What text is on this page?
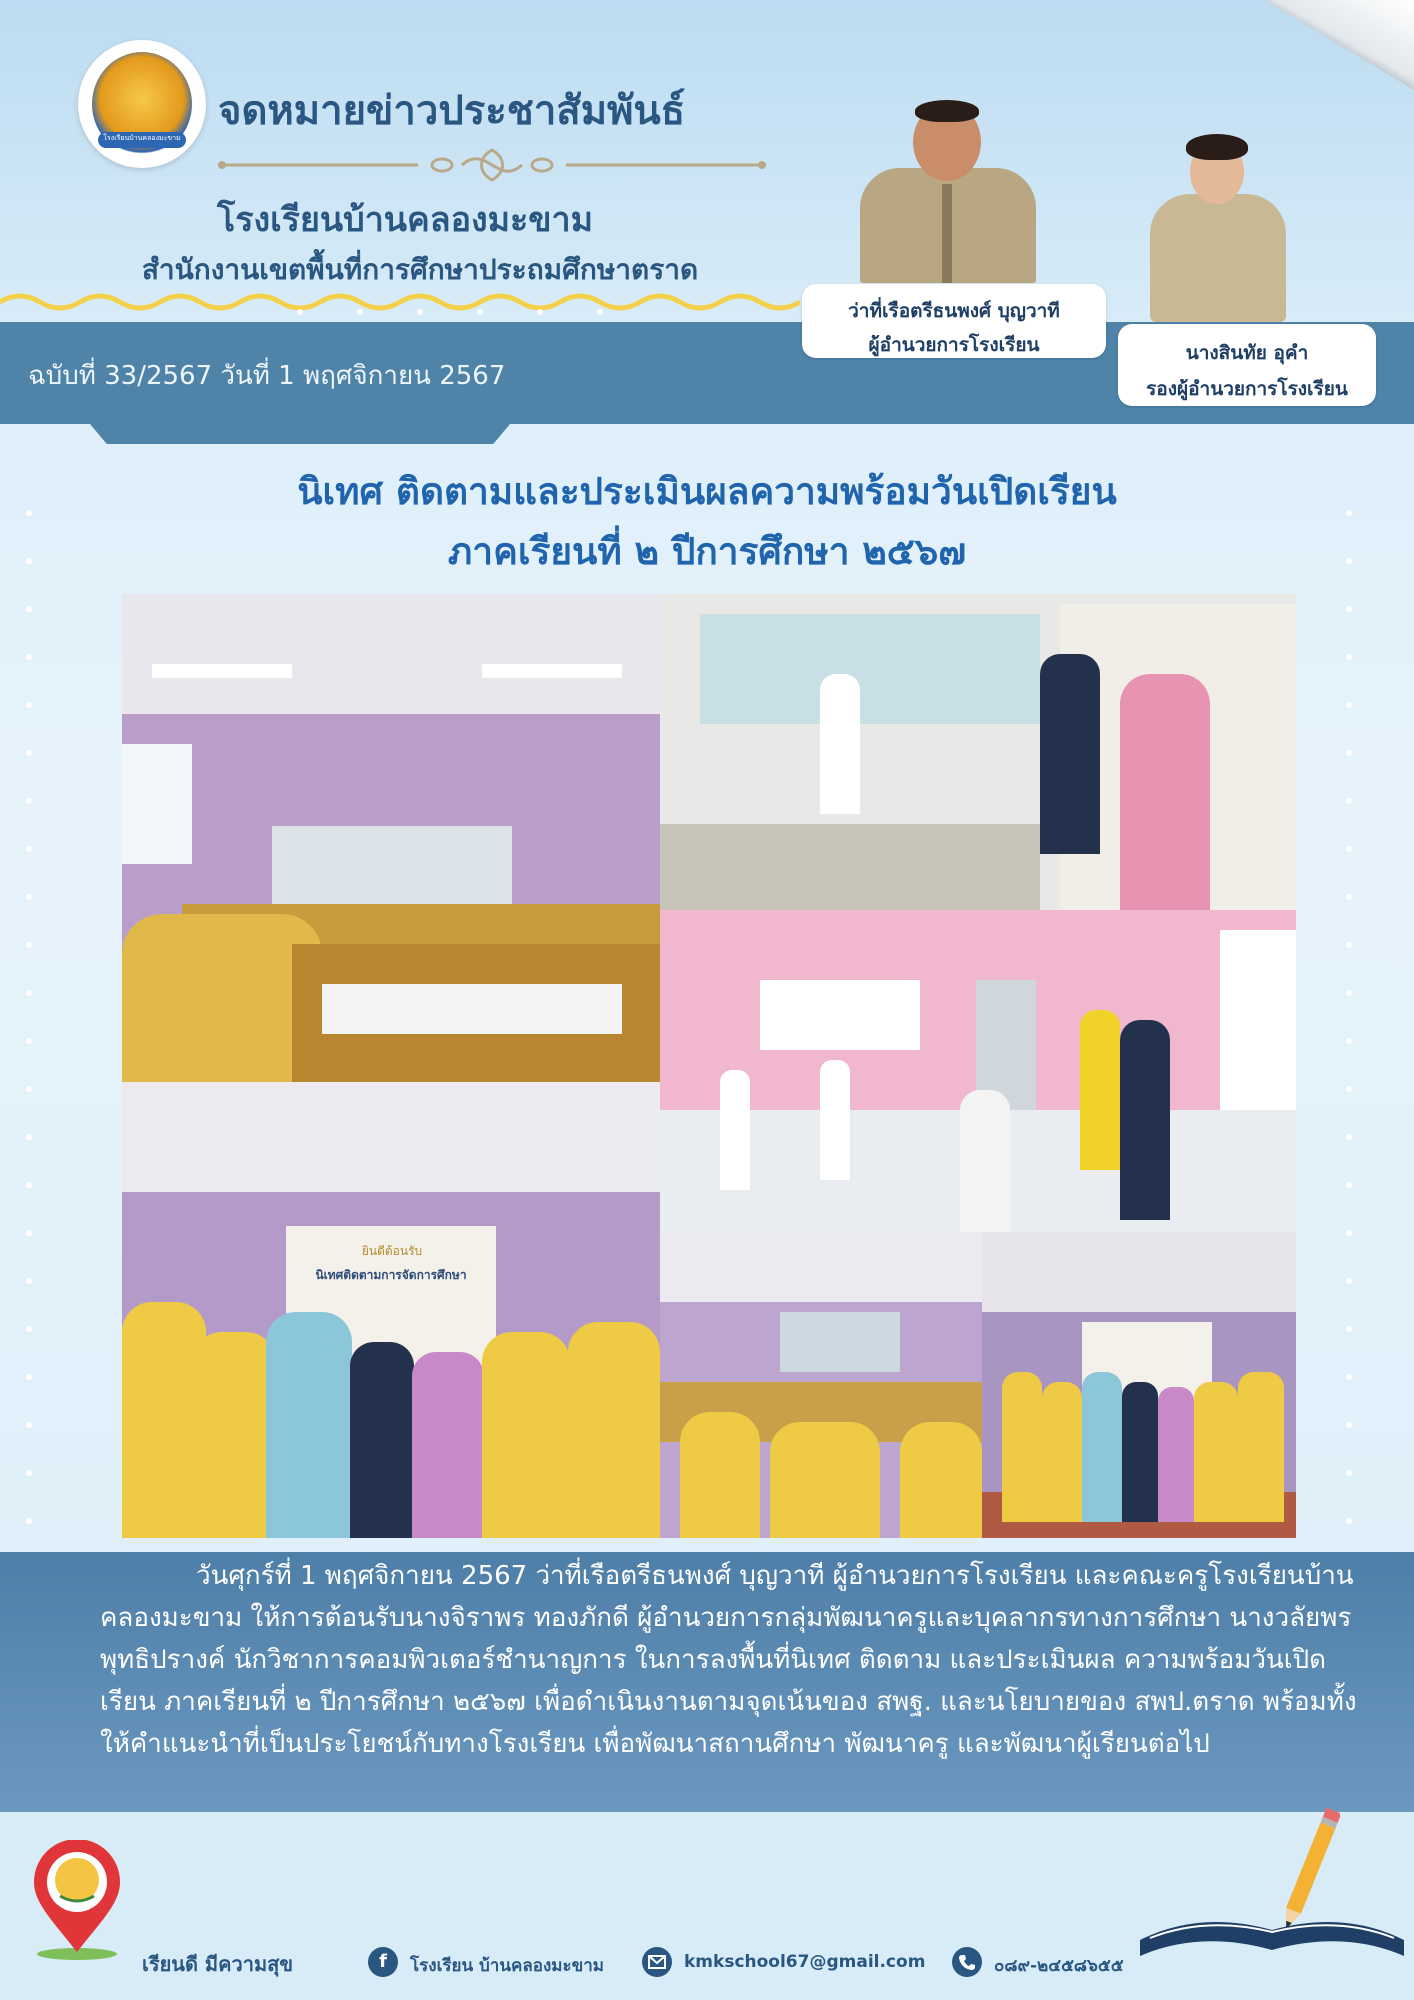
โรงเรียนบ้านคลองมะขาม
จดหมายข่าวประชาสัมพันธ์
โรงเรียนบ้านคลองมะขาม
สำนักงานเขตพื้นที่การศึกษาประถมศึกษาตราด
ฉบับที่ 33/2567 วันที่ 1 พฤศจิกายน 2567
ว่าที่เรือตรีธนพงศ์ บุญวาที
ผู้อำนวยการโรงเรียน	นางสินทัย อุคำ
รองผู้อำนวยการโรงเรียน
นิเทศ ติดตามและประเมินผลความพร้อมวันเปิดเรียน
ภาคเรียนที่ ๒ ปีการศึกษา ๒๕๖๗
ยินดีต้อนรับ
นิเทศติดตามการจัดการศึกษา

วันศุกร์ที่ 1 พฤศจิกายน 2567 ว่าที่เรือตรีธนพงศ์ บุญวาที ผู้อำนวยการโรงเรียน และคณะครูโรงเรียนบ้านคลองมะขาม ให้การต้อนรับนางจิราพร ทองภักดี ผู้อำนวยการกลุ่มพัฒนาครูและบุคลากรทางการศึกษา นางวลัยพร พุทธิปรางค์ นักวิชาการคอมพิวเตอร์ชำนาญการ ในการลงพื้นที่นิเทศ ติดตาม และประเมินผล ความพร้อมวันเปิดเรียน ภาคเรียนที่ ๒ ปีการศึกษา ๒๕๖๗ เพื่อดำเนินงานตามจุดเน้นของ สพฐ. และนโยบายของ สพป.ตราด พร้อมทั้งให้คำแนะนำที่เป็นประโยชน์กับทางโรงเรียน เพื่อพัฒนาสถานศึกษา พัฒนาครู และพัฒนาผู้เรียนต่อไป

เรียนดี มีความสุข	f	โรงเรียน บ้านคลองมะขาม	kmkschool67@gmail.com	๐๘๙-๒๔๕๘๖๕๕
